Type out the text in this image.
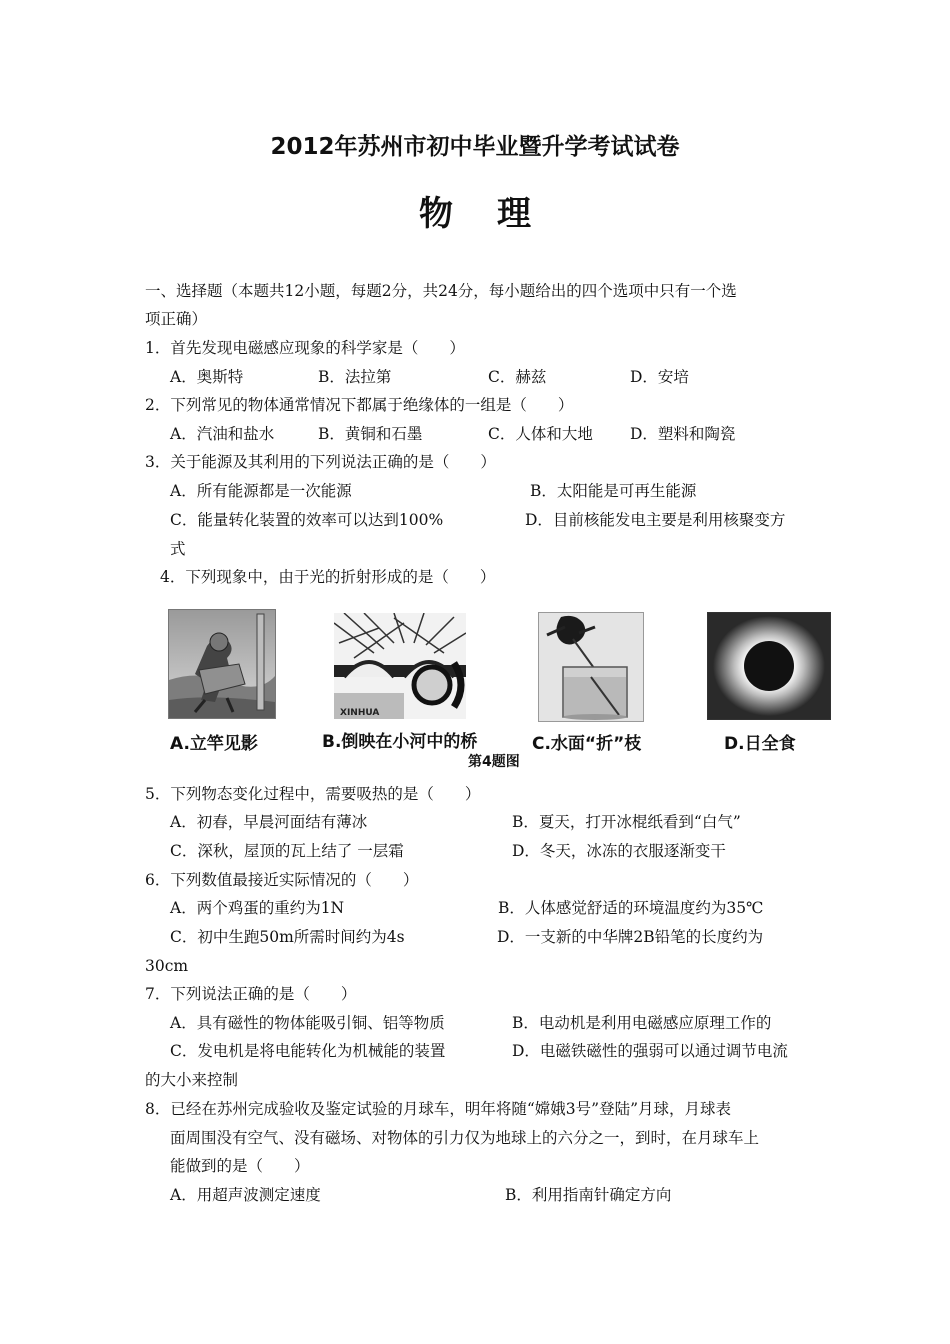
2012年苏州市初中毕业暨升学考试试卷
物 理
一、选择题（本题共12小题，每题2分，共24分，每小题给出的四个选项中只有一个选
项正确）
1．首先发现电磁感应现象的科学家是（　　）
A．奥斯特	B．法拉第	C．赫兹	D．安培
2．下列常见的物体通常情况下都属于绝缘体的一组是（　　）
A．汽油和盐水	B．黄铜和石墨	C．人体和大地 D．塑料和陶瓷
3．关于能源及其利用的下列说法正确的是（　　）
A．所有能源都是一次能源	B．太阳能是可再生能源
C．能量转化装置的效率可以达到100%	D．目前核能发电主要是利用核聚变方
式
4．下列现象中，由于光的折射形成的是（　　）
XINHUA
A.立竿见影	B.倒映在小河中的桥	C.水面“折”枝	D.日全食
第4题图
5．下列物态变化过程中，需要吸热的是（　　）
A．初春，早晨河面结有薄冰	B．夏天，打开冰棍纸看到“白气”
C．深秋，屋顶的瓦上结了 一层霜	D．冬天，冰冻的衣服逐渐变干
6．下列数值最接近实际情况的（　　）
A．两个鸡蛋的重约为1N	B．人体感觉舒适的环境温度约为35℃
C．初中生跑50m所需时间约为4s	D．一支新的中华牌2B铅笔的长度约为
30cm
7．下列说法正确的是（　　）
A．具有磁性的物体能吸引铜、铝等物质	B．电动机是利用电磁感应原理工作的
C．发电机是将电能转化为机械能的装置	D．电磁铁磁性的强弱可以通过调节电流
的大小来控制
8．已经在苏州完成验收及鉴定试验的月球车，明年将随“嫦娥3号”登陆”月球，月球表
面周围没有空气、没有磁场、对物体的引力仅为地球上的六分之一，到时，在月球车上
能做到的是（　　）
A．用超声波测定速度	B．利用指南针确定方向
